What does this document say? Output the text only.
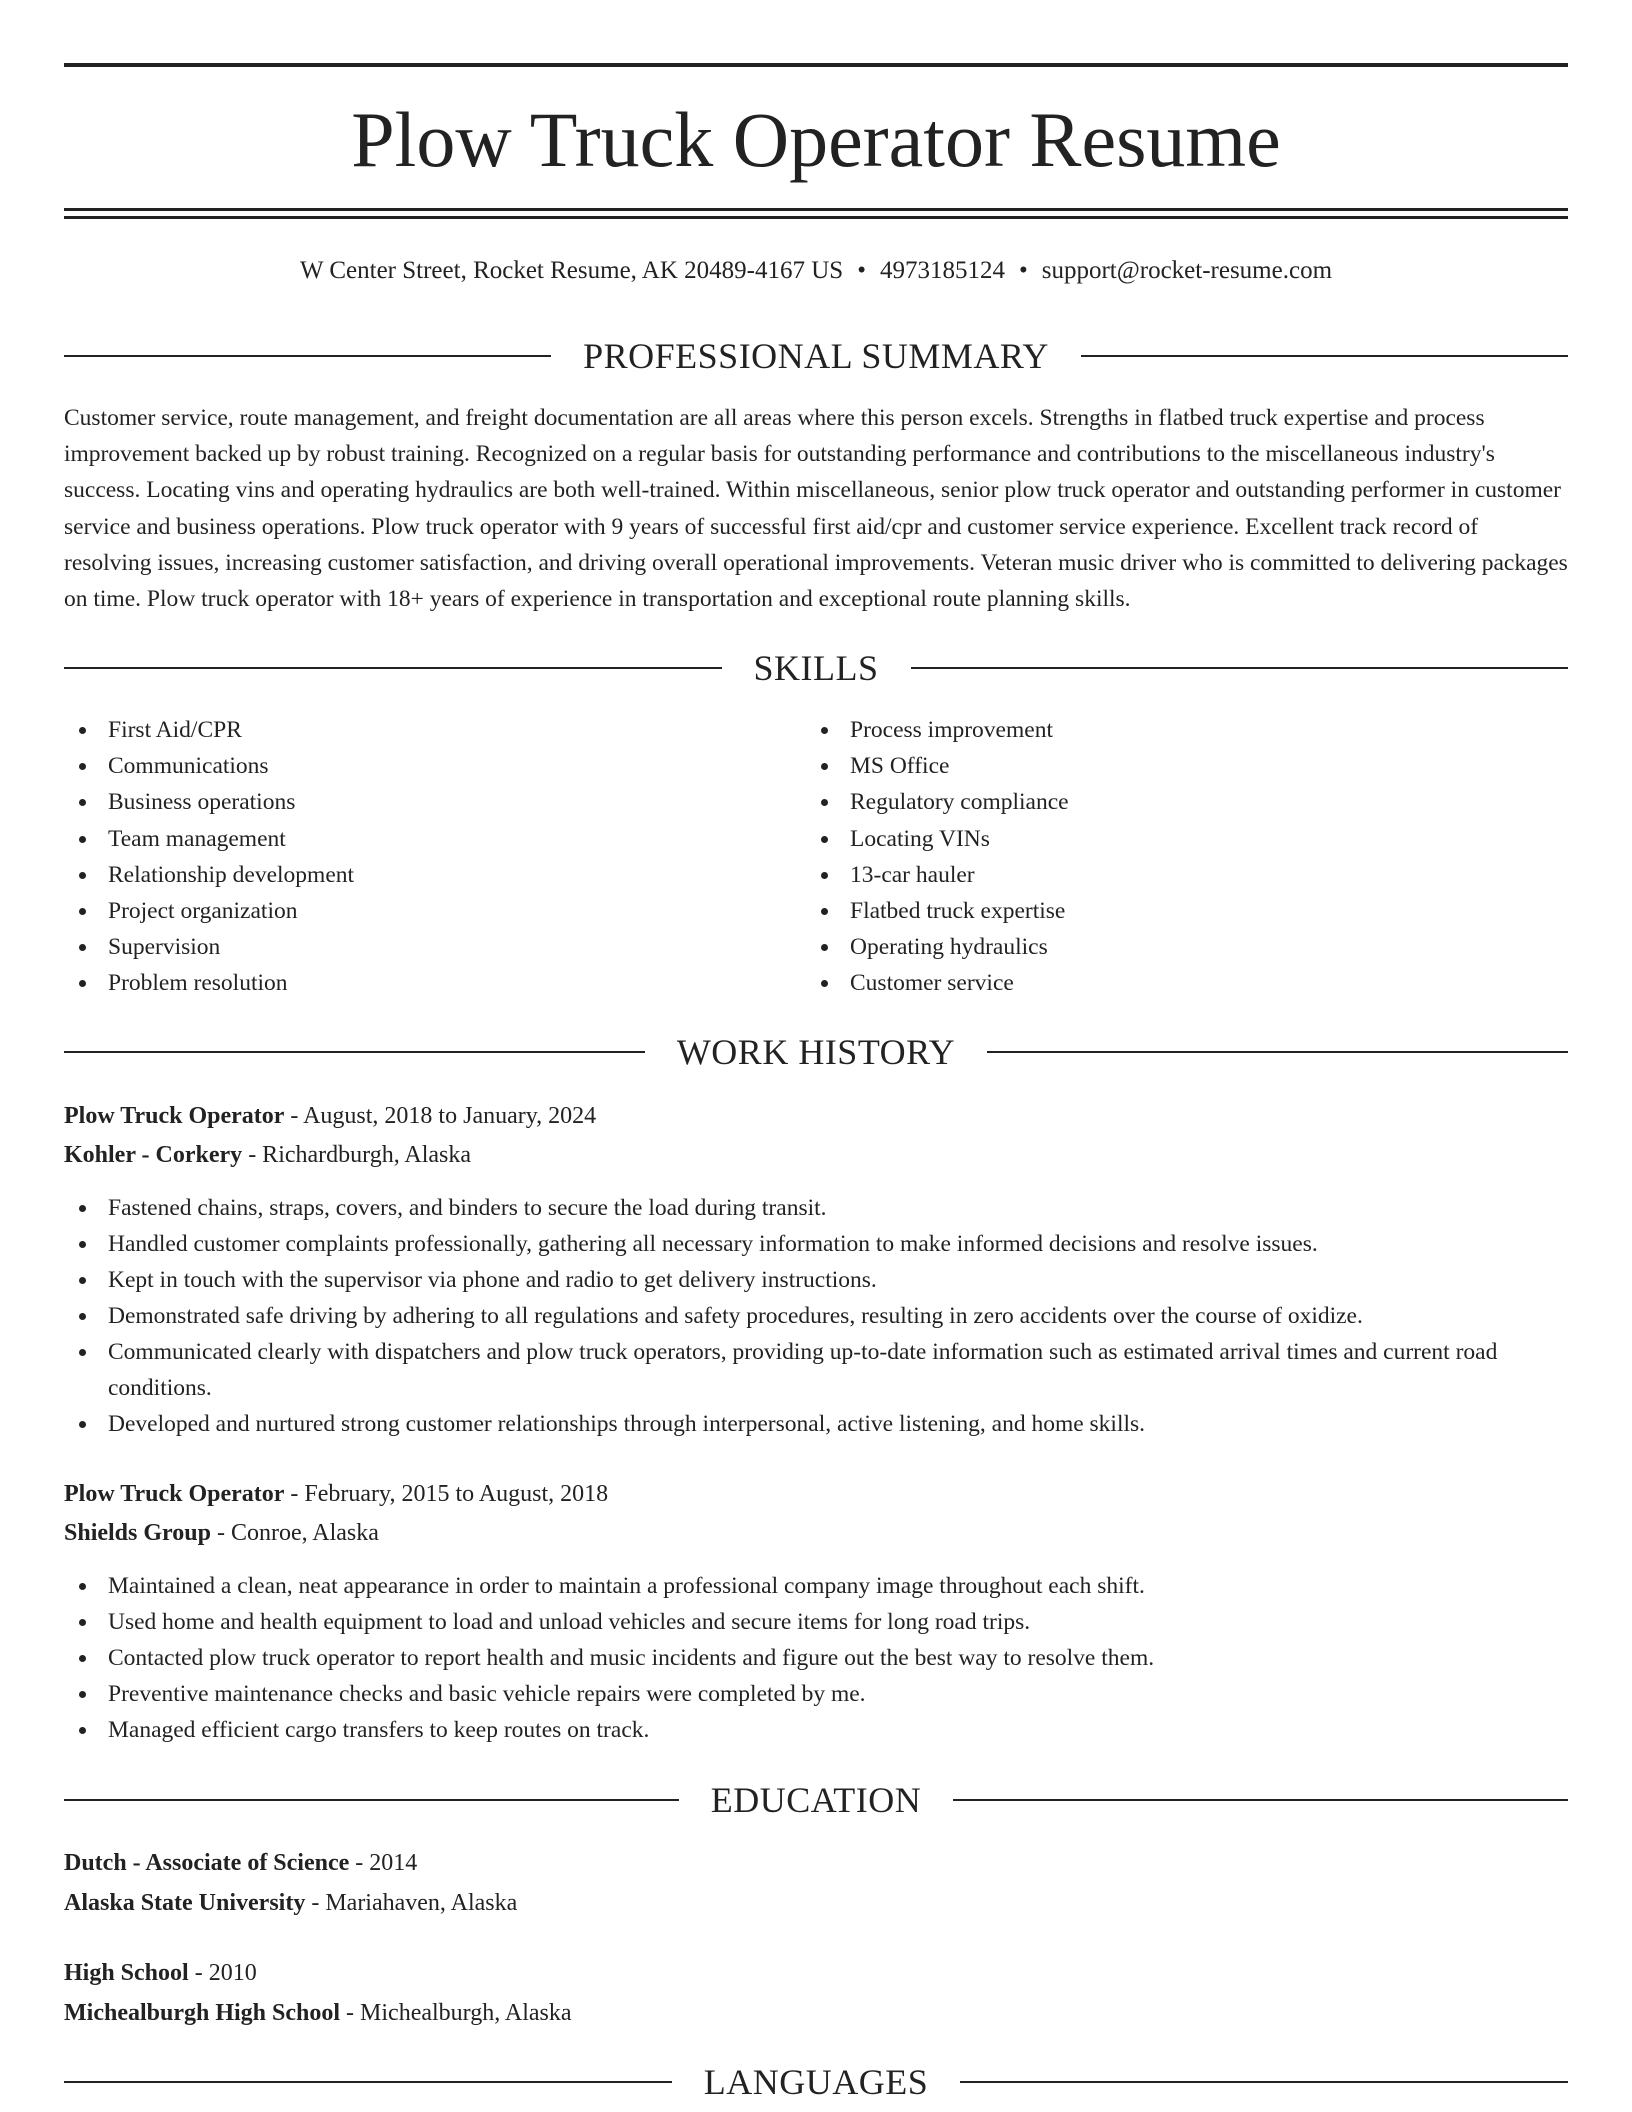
Plow Truck Operator Resume
W Center Street, Rocket Resume, AK 20489-4167 US • 4973185124 • support@rocket-resume.com
PROFESSIONAL SUMMARY

Customer service, route management, and freight documentation are all areas where this person excels. Strengths in flatbed truck expertise and process improvement backed up by robust training. Recognized on a regular basis for outstanding performance and contributions to the miscellaneous industry's success. Locating vins and operating hydraulics are both well-trained. Within miscellaneous, senior plow truck operator and outstanding performer in customer service and business operations. Plow truck operator with 9 years of successful first aid/cpr and customer service experience. Excellent track record of resolving issues, increasing customer satisfaction, and driving overall operational improvements. Veteran music driver who is committed to delivering packages on time. Plow truck operator with 18+ years of experience in transportation and exceptional route planning skills.

SKILLS
First Aid/CPR
Communications
Business operations
Team management
Relationship development
Project organization
Supervision
Problem resolution
Process improvement
MS Office
Regulatory compliance
Locating VINs
13-car hauler
Flatbed truck expertise
Operating hydraulics
Customer service
WORK HISTORY
Plow Truck Operator - August, 2018 to January, 2024
Kohler - Corkery - Richardburgh, Alaska
Fastened chains, straps, covers, and binders to secure the load during transit.
Handled customer complaints professionally, gathering all necessary information to make informed decisions and resolve issues.
Kept in touch with the supervisor via phone and radio to get delivery instructions.
Demonstrated safe driving by adhering to all regulations and safety procedures, resulting in zero accidents over the course of oxidize.
Communicated clearly with dispatchers and plow truck operators, providing up-to-date information such as estimated arrival times and current road conditions.
Developed and nurtured strong customer relationships through interpersonal, active listening, and home skills.
Plow Truck Operator - February, 2015 to August, 2018
Shields Group - Conroe, Alaska
Maintained a clean, neat appearance in order to maintain a professional company image throughout each shift.
Used home and health equipment to load and unload vehicles and secure items for long road trips.
Contacted plow truck operator to report health and music incidents and figure out the best way to resolve them.
Preventive maintenance checks and basic vehicle repairs were completed by me.
Managed efficient cargo transfers to keep routes on track.
EDUCATION
Dutch - Associate of Science - 2014
Alaska State University - Mariahaven, Alaska
High School - 2010
Michealburgh High School - Michealburgh, Alaska
LANGUAGES
